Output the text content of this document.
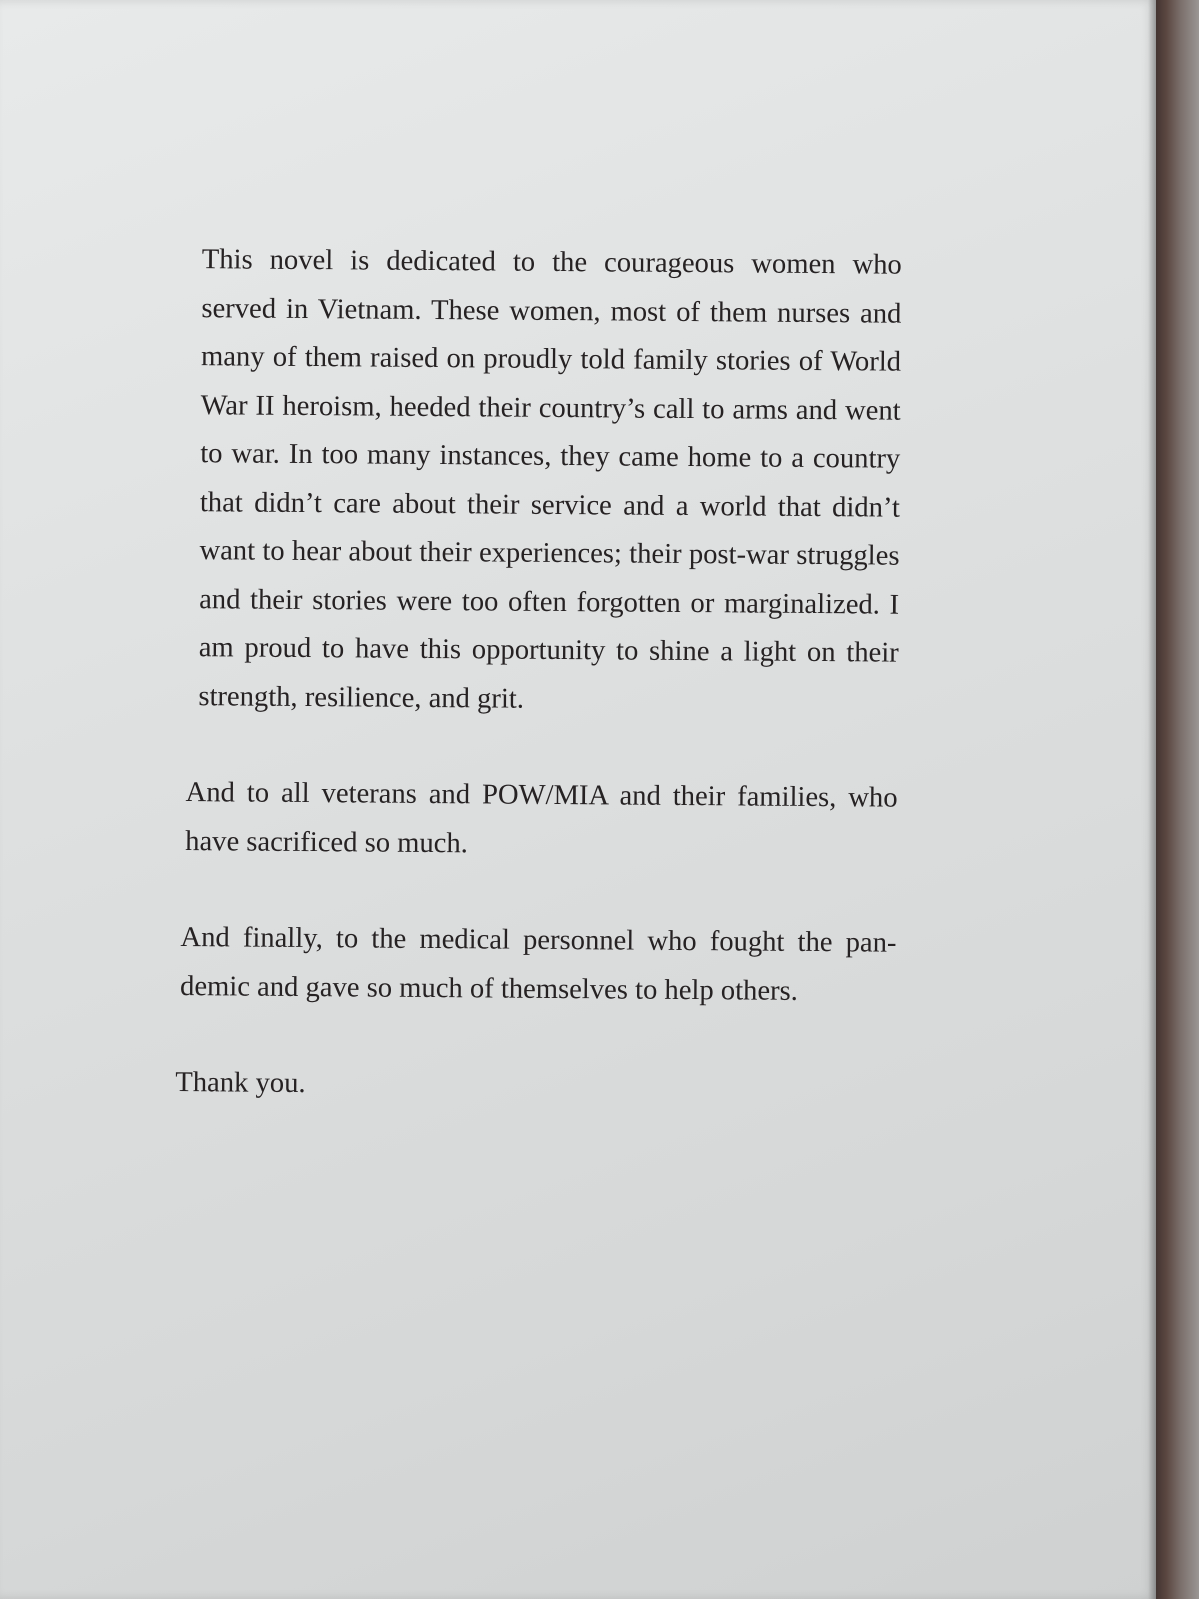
This novel is dedicated to the courageous women who served in Vietnam. These women, most of them nurses and many of them raised on proudly told family stories of World War II heroism, heeded their country’s call to arms and went to war. In too many instances, they came home to a country that didn’t care about their service and a world that didn’t want to hear about their experiences; their post-war struggles and their stories were too often forgotten or marginalized. I am proud to have this opportunity to shine a light on their strength, resilience, and grit.

And to all veterans and POW/MIA and their families, who have sacrificed so much.

And finally, to the medical personnel who fought the pan-demic and gave so much of themselves to help others.

Thank you.
